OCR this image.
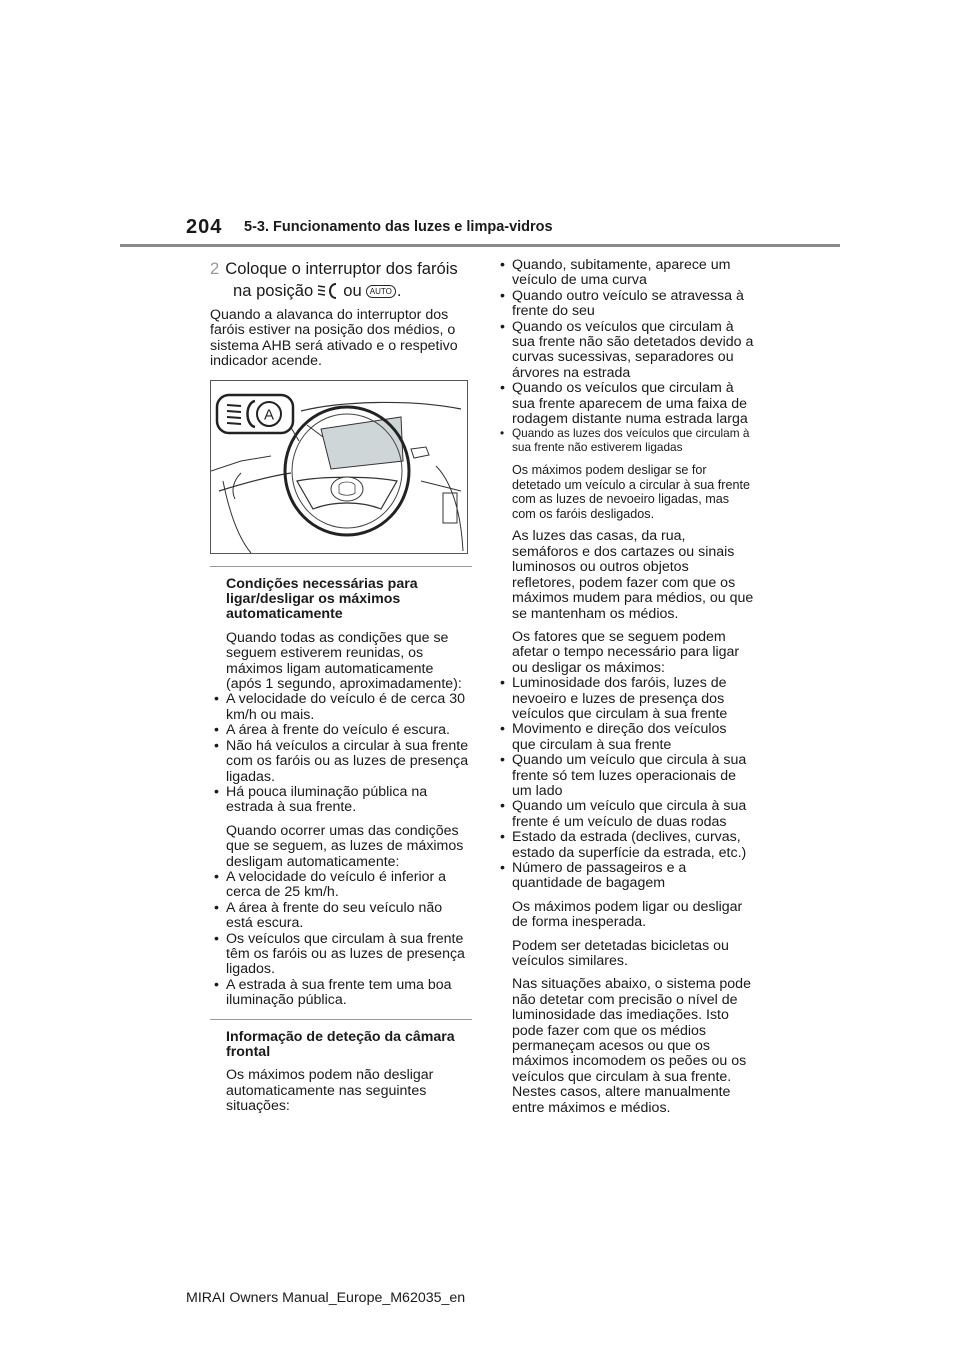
204 5-3. Funcionamento das luzes e limpa-vidros
2 Coloque o interruptor dos faróis
na posição ou	AUTO .

Quando a alavanca do interruptor dos faróis estiver na posição dos médios, o sistema AHB será ativado e o respetivo indicador acende.

A

Condições necessárias para ligar/desligar os máximos automaticamente

Quando todas as condições que se seguem estiverem reunidas, os máximos ligam automaticamente (após 1 segundo, aproximadamente):

• A velocidade do veículo é de cerca 30 km/h ou mais.
• A área à frente do veículo é escura.
• Não há veículos a circular à sua frente com os faróis ou as luzes de presença ligadas.
• Há pouca iluminação pública na estrada à sua frente.

Quando ocorrer umas das condições que se seguem, as luzes de máximos desligam automaticamente:

• A velocidade do veículo é inferior a cerca de 25 km/h.
• A área à frente do seu veículo não está escura.
• Os veículos que circulam à sua frente têm os faróis ou as luzes de presença ligados.
• A estrada à sua frente tem uma boa iluminação pública.

Informação de deteção da câmara frontal

Os máximos podem não desligar automaticamente nas seguintes situações:

• Quando, subitamente, aparece um veículo de uma curva
• Quando outro veículo se atravessa à frente do seu
• Quando os veículos que circulam à sua frente não são detetados devido a curvas sucessivas, separadores ou árvores na estrada
• Quando os veículos que circulam à sua frente aparecem de uma faixa de rodagem distante numa estrada larga
• Quando as luzes dos veículos que circulam à sua frente não estiverem ligadas

Os máximos podem desligar se for detetado um veículo a circular à sua frente com as luzes de nevoeiro ligadas, mas com os faróis desligados.

As luzes das casas, da rua, semáforos e dos cartazes ou sinais luminosos ou outros objetos refletores, podem fazer com que os máximos mudem para médios, ou que se mantenham os médios.

Os fatores que se seguem podem afetar o tempo necessário para ligar ou desligar os máximos:

• Luminosidade dos faróis, luzes de nevoeiro e luzes de presença dos veículos que circulam à sua frente
• Movimento e direção dos veículos que circulam à sua frente
• Quando um veículo que circula à sua frente só tem luzes operacionais de um lado
• Quando um veículo que circula à sua frente é um veículo de duas rodas
• Estado da estrada (declives, curvas, estado da superfície da estrada, etc.)
• Número de passageiros e a quantidade de bagagem

Os máximos podem ligar ou desligar de forma inesperada.

Podem ser detetadas bicicletas ou veículos similares.

Nas situações abaixo, o sistema pode não detetar com precisão o nível de luminosidade das imediações. Isto pode fazer com que os médios permaneçam acesos ou que os máximos incomodem os peões ou os veículos que circulam à sua frente. Nestes casos, altere manualmente entre máximos e médios.

MIRAI Owners Manual_Europe_M62035_en
